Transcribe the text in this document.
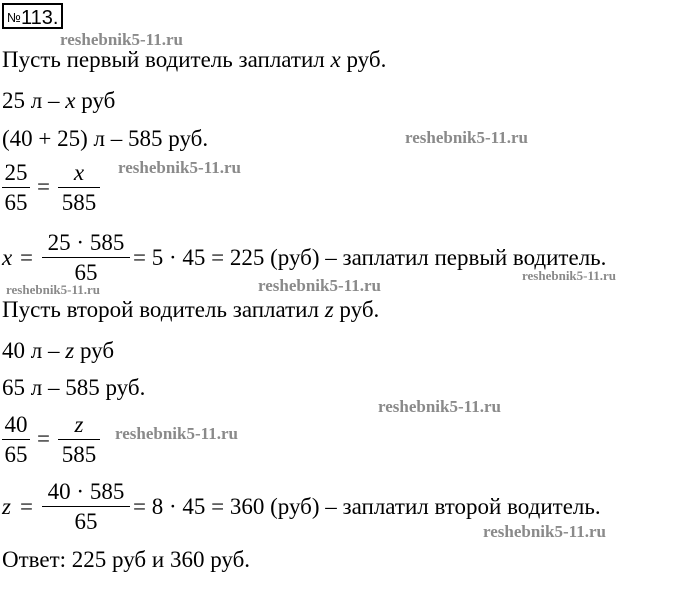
№113.
Пусть первый водитель заплатил x руб.
25 л – x руб
(40 + 25) л – 585 руб.
25
65
=
x
585
x =
25 · 585
65
= 5 · 45 = 225 (руб) – заплатил первый водитель.
Пусть второй водитель заплатил z руб.
40 л – z руб
65 л – 585 руб.
40
65
=
z
585
z =
40 · 585
65
= 8 · 45 = 360 (руб) – заплатил второй водитель.
Ответ: 225 руб и 360 руб.
reshebnik5-11.ru
reshebnik5-11.ru
reshebnik5-11.ru
reshebnik5-11.ru	reshebnik5-11.ru
reshebnik5-11.ru
reshebnik5-11.ru
reshebnik5-11.ru
reshebnik5-11.ru
